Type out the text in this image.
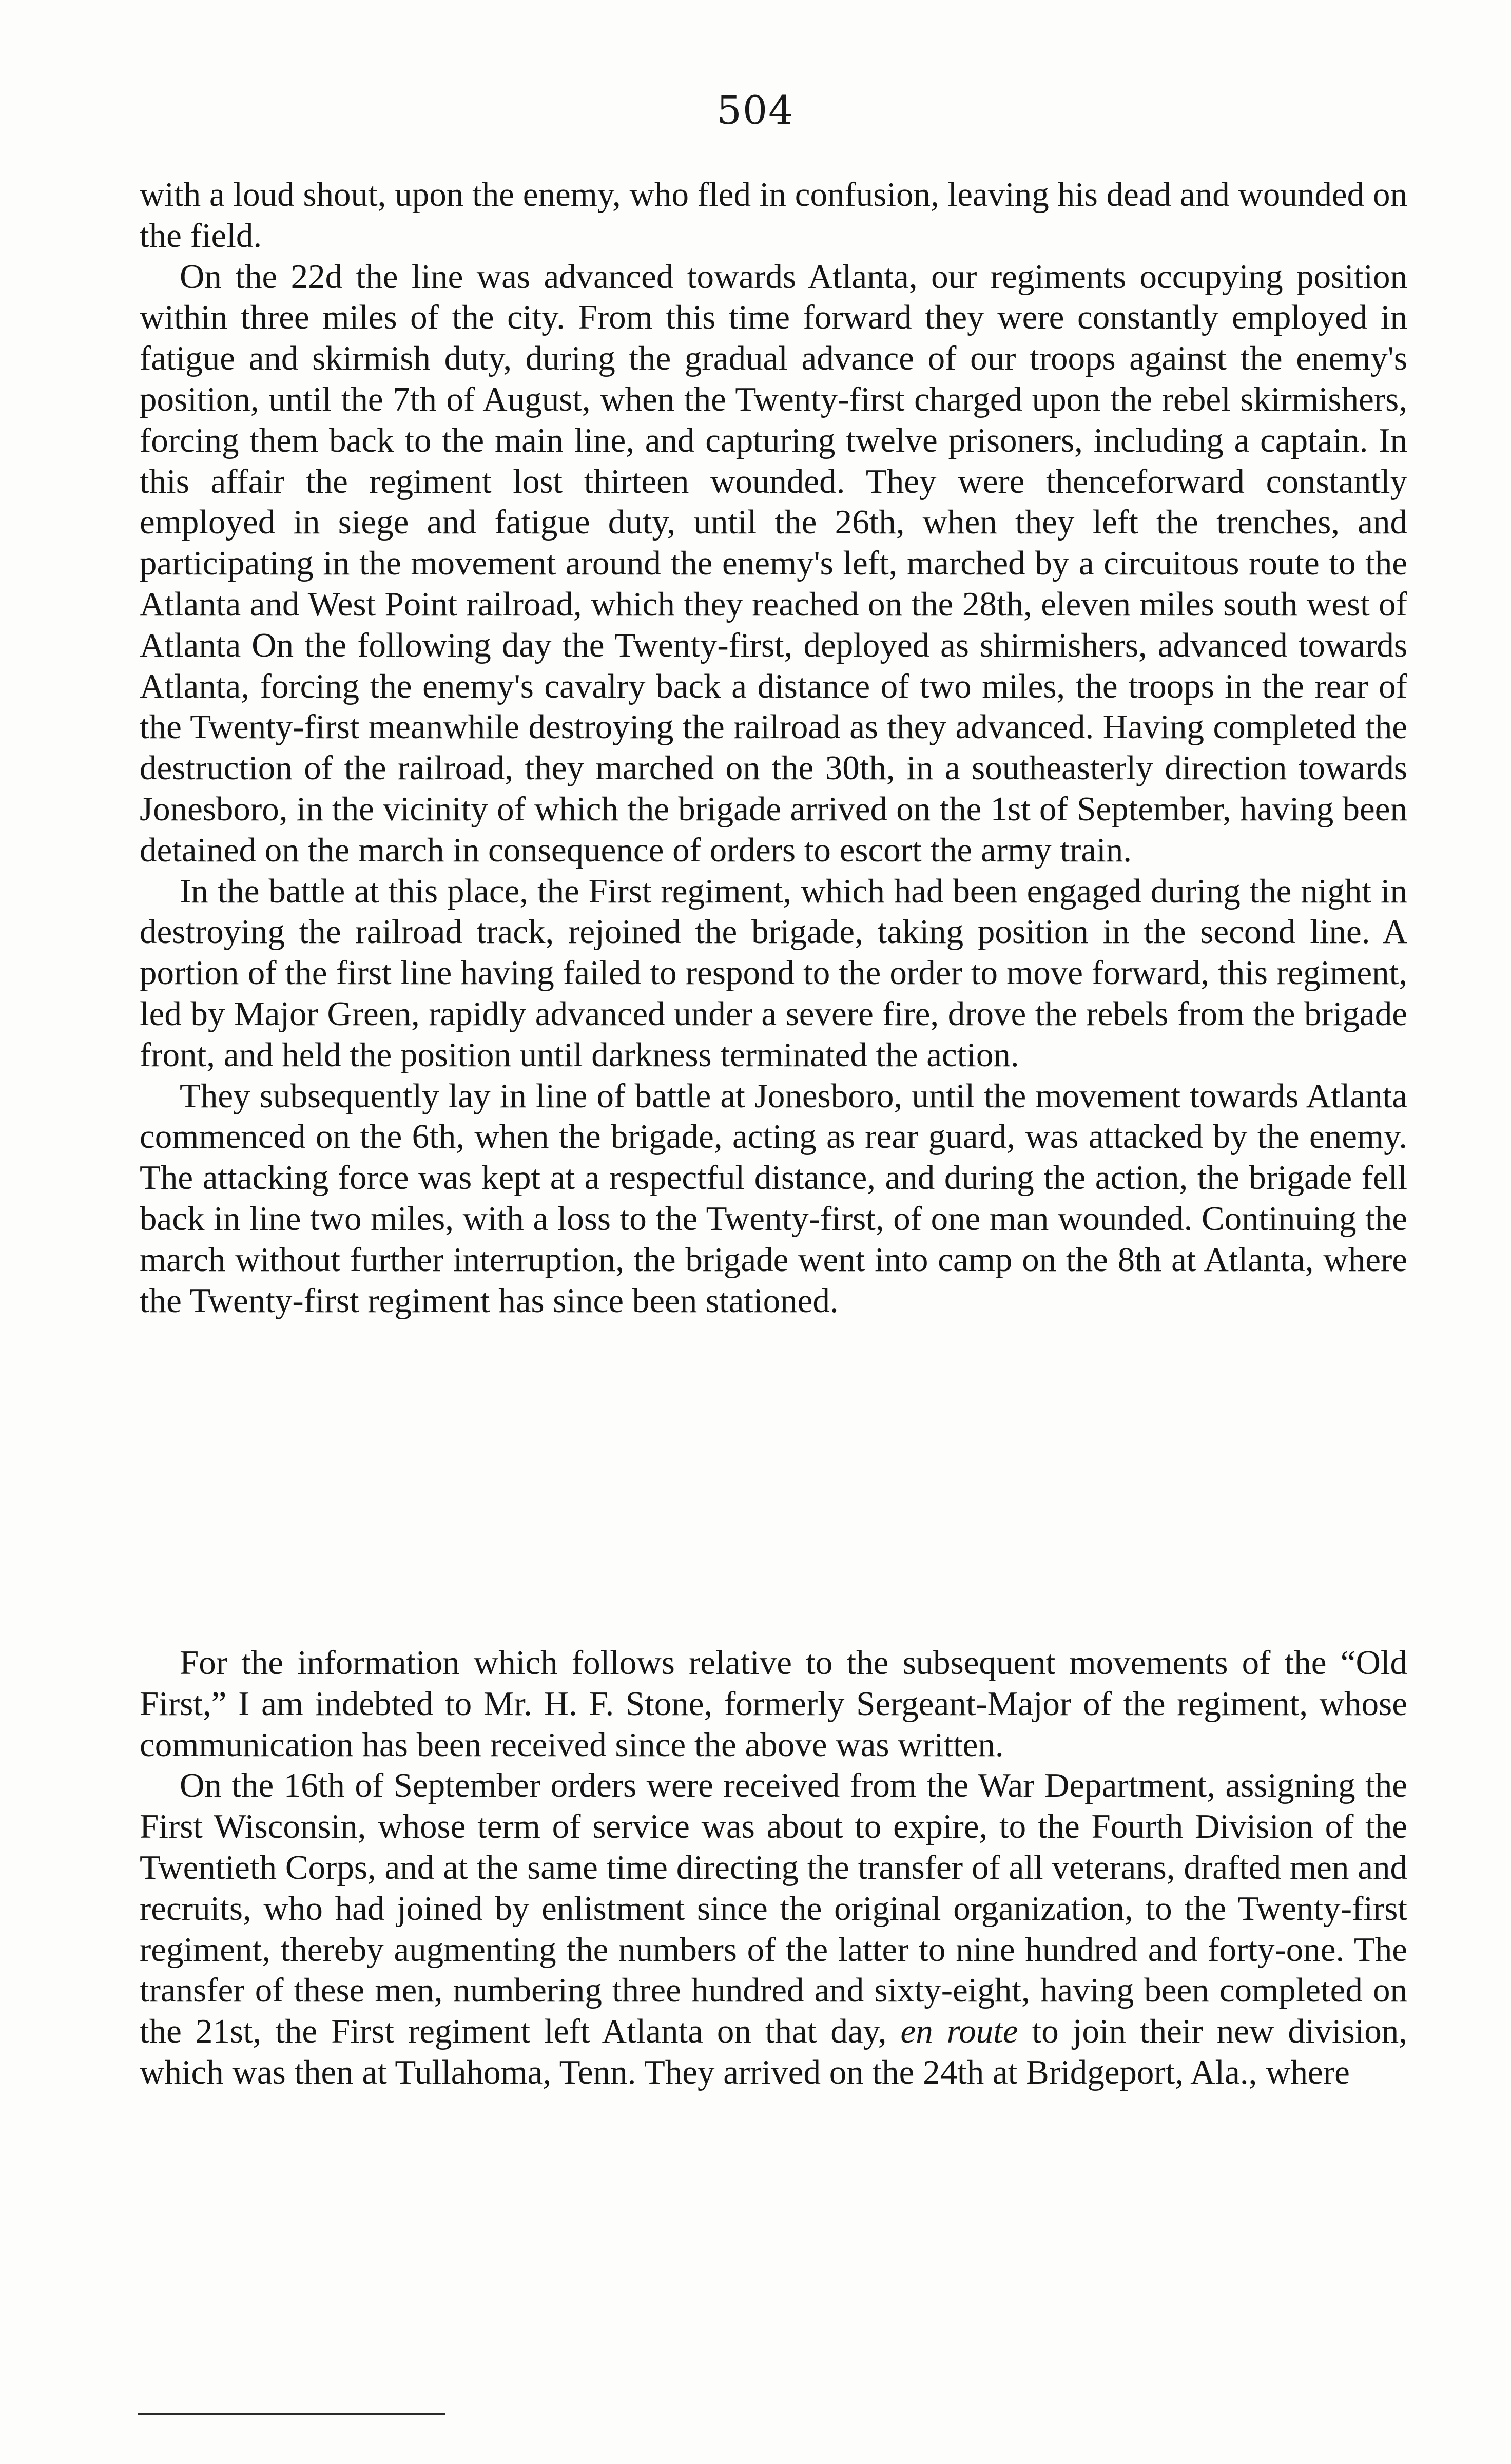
504

with a loud shout, upon the enemy, who fled in confusion, leaving his dead and wounded on the field.

On the 22d the line was advanced towards Atlanta, our regiments occupying position within three miles of the city. From this time forward they were constantly employed in fatigue and skirmish duty, during the gradual advance of our troops against the enemy's position, until the 7th of August, when the Twenty-first charged upon the rebel skirmishers, forcing them back to the main line, and capturing twelve prisoners, including a captain. In this affair the regiment lost thirteen wounded. They were thenceforward constantly employed in siege and fatigue duty, until the 26th, when they left the trenches, and participating in the movement around the enemy's left, marched by a circuitous route to the Atlanta and West Point railroad, which they reached on the 28th, eleven miles south west of Atlanta On the following day the Twenty-first, deployed as shirmishers, advanced towards Atlanta, forcing the enemy's cavalry back a distance of two miles, the troops in the rear of the Twenty-first meanwhile destroying the railroad as they advanced. Having completed the destruction of the railroad, they marched on the 30th, in a southeasterly direction towards Jonesboro, in the vicinity of which the brigade arrived on the 1st of September, having been detained on the march in consequence of orders to escort the army train.

In the battle at this place, the First regiment, which had been engaged during the night in destroying the railroad track, rejoined the brigade, taking position in the second line. A portion of the first line having failed to respond to the order to move forward, this regiment, led by Major Green, rapidly advanced under a severe fire, drove the rebels from the brigade front, and held the position until darkness terminated the action.

They subsequently lay in line of battle at Jonesboro, until the movement towards Atlanta commenced on the 6th, when the brigade, acting as rear guard, was attacked by the enemy. The attacking force was kept at a respectful distance, and during the action, the brigade fell back in line two miles, with a loss to the Twenty-first, of one man wounded. Continuing the march without further interruption, the brigade went into camp on the 8th at Atlanta, where the Twenty-first regiment has since been stationed.

For the information which follows relative to the subsequent movements of the “Old First,” I am indebted to Mr. H. F. Stone, formerly Sergeant-Major of the regiment, whose communication has been received since the above was written.

On the 16th of September orders were received from the War Department, assigning the First Wisconsin, whose term of service was about to expire, to the Fourth Division of the Twentieth Corps, and at the same time directing the transfer of all veterans, drafted men and recruits, who had joined by enlistment since the original organization, to the Twenty-first regiment, thereby augmenting the numbers of the latter to nine hundred and forty-one. The transfer of these men, numbering three hundred and sixty-eight, having been completed on the 21st, the First regiment left Atlanta on that day, en route to join their new division, which was then at Tullahoma, Tenn. They arrived on the 24th at Bridgeport, Ala., where
